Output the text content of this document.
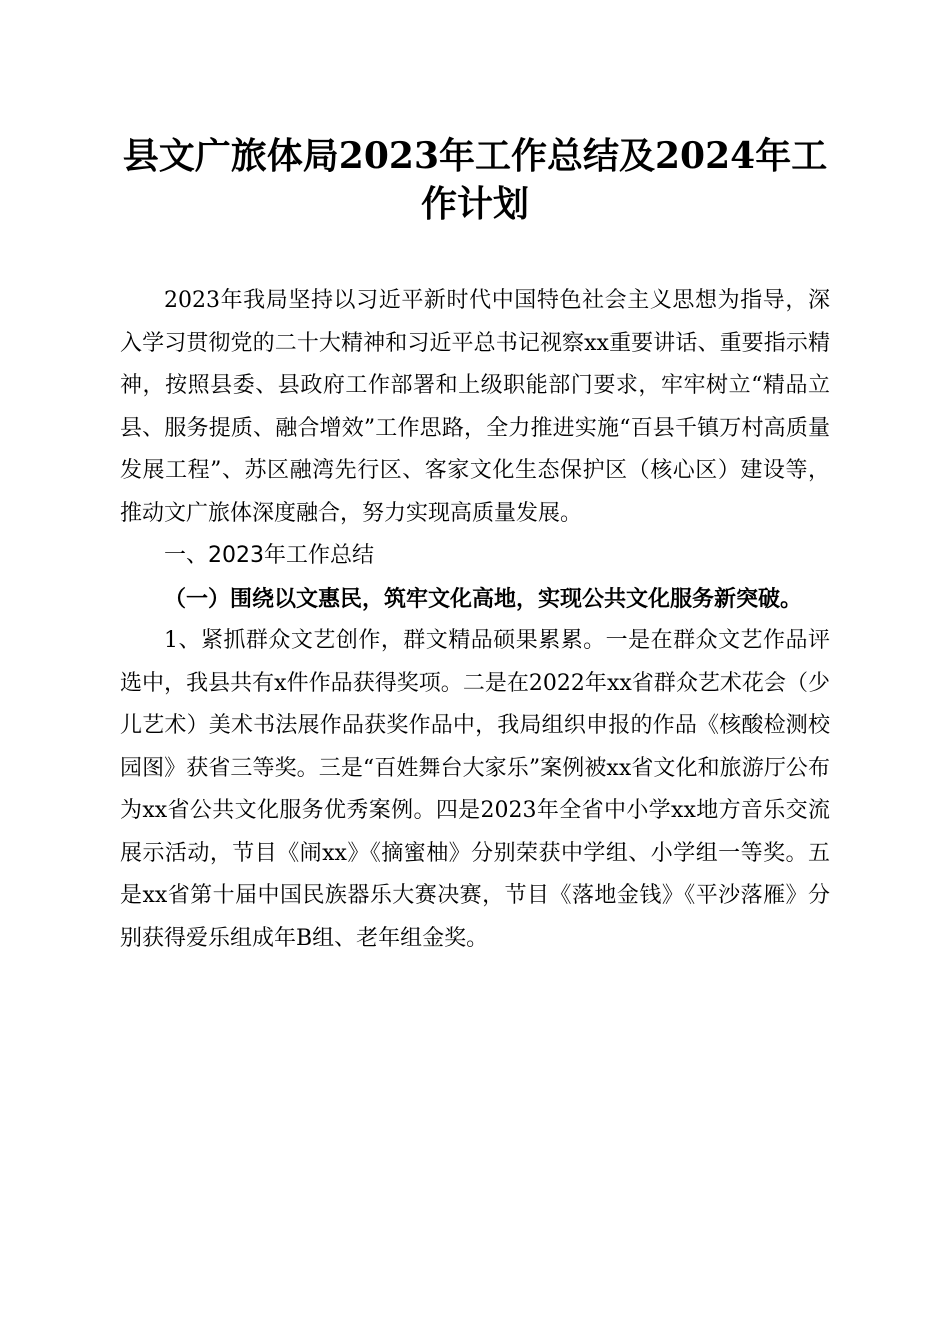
县文广旅体局2023年工作总结及2024年工作计划

2023年我局坚持以习近平新时代中国特色社会主义思想为指导，深入学习贯彻党的二十大精神和习近平总书记视察xx重要讲话、重要指示精神，按照县委、县政府工作部署和上级职能部门要求，牢牢树立“精品立县、服务提质、融合增效”工作思路，全力推进实施“百县千镇万村高质量发展工程”、苏区融湾先行区、客家文化生态保护区（核心区）建设等，推动文广旅体深度融合，努力实现高质量发展。

一、2023年工作总结

（一）围绕以文惠民，筑牢文化高地，实现公共文化服务新突破。

1、紧抓群众文艺创作，群文精品硕果累累。一是在群众文艺作品评选中，我县共有x件作品获得奖项。二是在2022年xx省群众艺术花会（少儿艺术）美术书法展作品获奖作品中，我局组织申报的作品《核酸检测校园图》获省三等奖。三是“百姓舞台大家乐”案例被xx省文化和旅游厅公布为xx省公共文化服务优秀案例。四是2023年全省中小学xx地方音乐交流展示活动，节目《闹xx》《摘蜜柚》分别荣获中学组、小学组一等奖。五是xx省第十届中国民族器乐大赛决赛，节目《落地金钱》《平沙落雁》分别获得爱乐组成年B组、老年组金奖。
